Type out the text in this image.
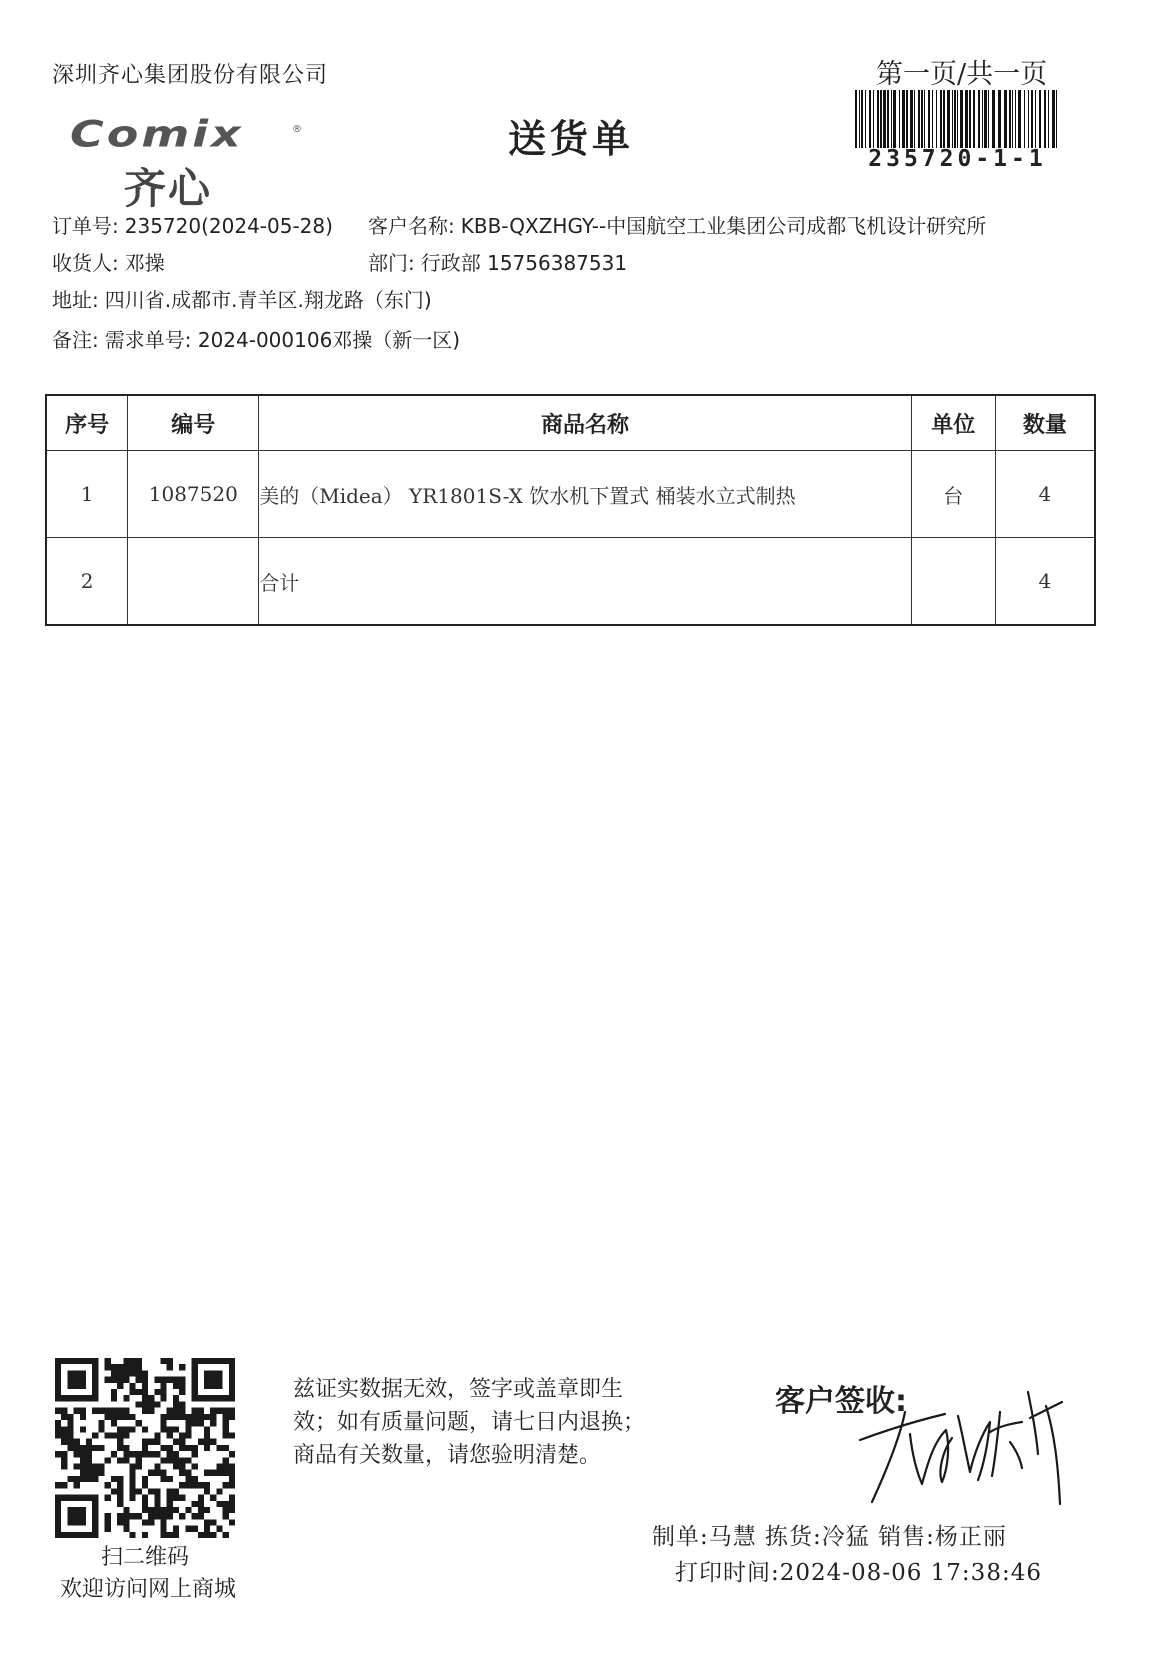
深圳齐心集团股份有限公司	第一页/共一页
Comix	®
齐心
送货单	235720-1-1
订单号: 235720(2024-05-28) 客户名称: KBB-QXZHGY--中国航空工业集团公司成都飞机设计研究所
收货人: 邓操	部门: 行政部 15756387531
地址: 四川省.成都市.青羊区.翔龙路（东门)
备注: 需求单号: 2024-000106邓操（新一区)
序号	编号	商品名称	单位	数量
1	1087520	美的（Midea） YR1801S-X 饮水机下置式 桶装水立式制热	台	4
2		合计		4
扫二维码
欢迎访问网上商城
兹证实数据无效，签字或盖章即生
效；如有质量问题，请七日内退换；
商品有关数量，请您验明清楚。
客户签收:
制单:马慧 拣货:冷猛 销售:杨正丽
打印时间:2024-08-06 17:38:46
